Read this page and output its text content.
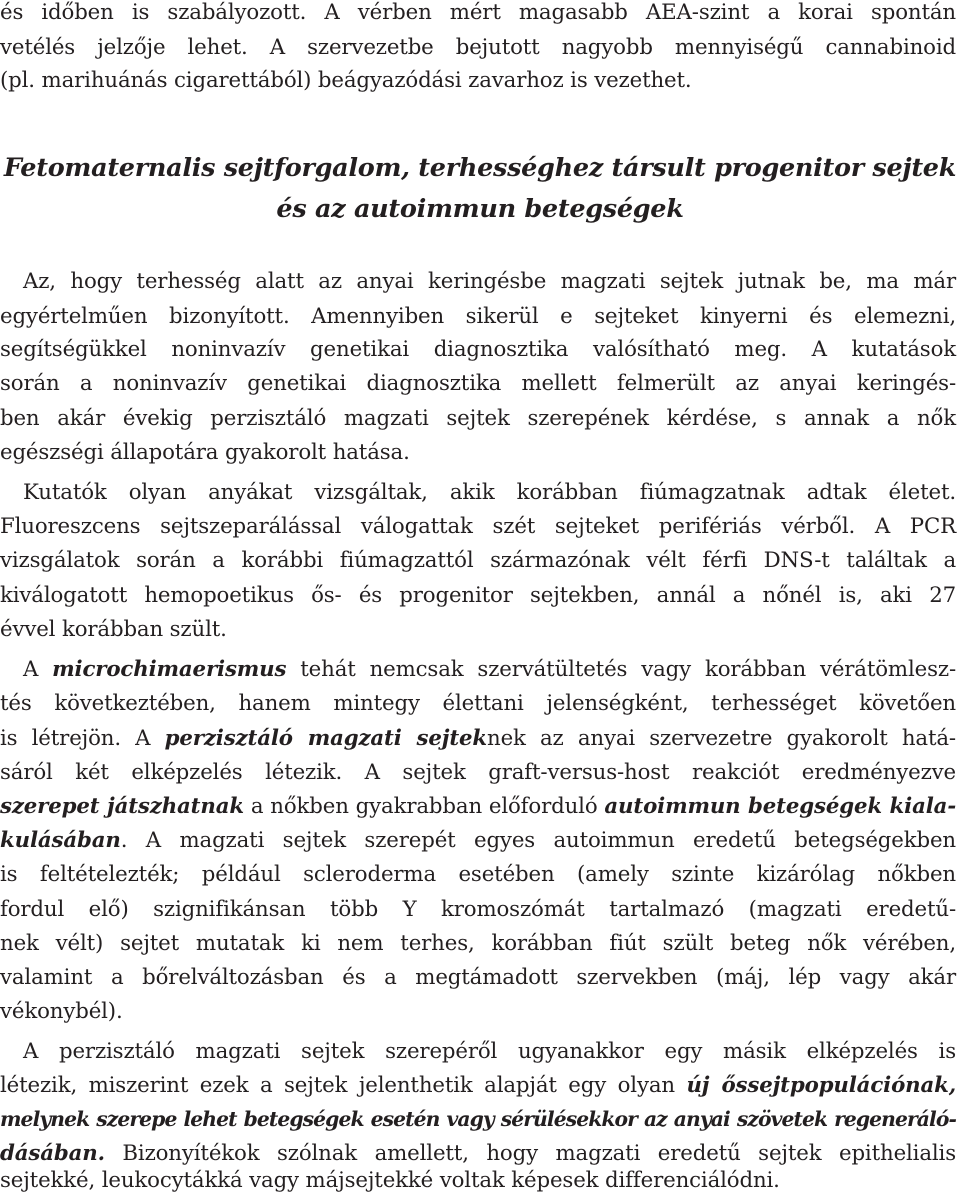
és időben is szabályozott. A vérben mért magasabb AEA-szint a korai spontán
vetélés jelzője lehet. A szervezetbe bejutott nagyobb mennyiségű cannabinoid
(pl. marihuánás cigarettából) beágyazódási zavarhoz is vezethet.
Fetomaternalis sejtforgalom, terhességhez társult progenitor sejtek
és az autoimmun betegségek
Az, hogy terhesség alatt az anyai keringésbe magzati sejtek jutnak be, ma már
egyértelműen bizonyított. Amennyiben sikerül e sejteket kinyerni és elemezni,
segítségükkel noninvazív genetikai diagnosztika valósítható meg. A kutatások
során a noninvazív genetikai diagnosztika mellett felmerült az anyai keringés-
ben akár évekig perzisztáló magzati sejtek szerepének kérdése, s annak a nők
egészségi állapotára gyakorolt hatása.
Kutatók olyan anyákat vizsgáltak, akik korábban fiúmagzatnak adtak életet.
Fluoreszcens sejtszeparálással válogattak szét sejteket perifériás vérből. A PCR
vizsgálatok során a korábbi fiúmagzattól származónak vélt férfi DNS-t találtak a
kiválogatott hemopoetikus ős- és progenitor sejtekben, annál a nőnél is, aki 27
évvel korábban szült.
A microchimaerismus tehát nemcsak szervátültetés vagy korábban vérátömlesz-
tés következtében, hanem mintegy élettani jelenségként, terhességet követően
is létrejön. A perzisztáló magzati sejteknek az anyai szervezetre gyakorolt hatá-
sáról két elképzelés létezik. A sejtek graft-versus-host reakciót eredményezve
szerepet játszhatnak a nőkben gyakrabban előforduló autoimmun betegségek kiala-
kulásában. A magzati sejtek szerepét egyes autoimmun eredetű betegségekben
is feltételezték; például scleroderma esetében (amely szinte kizárólag nőkben
fordul elő) szignifikánsan több Y kromoszómát tartalmazó (magzati eredetű-
nek vélt) sejtet mutatak ki nem terhes, korábban fiút szült beteg nők vérében,
valamint a bőrelváltozásban és a megtámadott szervekben (máj, lép vagy akár
vékonybél).
A perzisztáló magzati sejtek szerepéről ugyanakkor egy másik elképzelés is
létezik, miszerint ezek a sejtek jelenthetik alapját egy olyan új őssejtpopulációnak,
melynek szerepe lehet betegségek esetén vagy sérülésekkor az anyai szövetek regeneráló-
dásában. Bizonyítékok szólnak amellett, hogy magzati eredetű sejtek epithelialis
sejtekké, leukocytákká vagy májsejtekké voltak képesek differenciálódni.
